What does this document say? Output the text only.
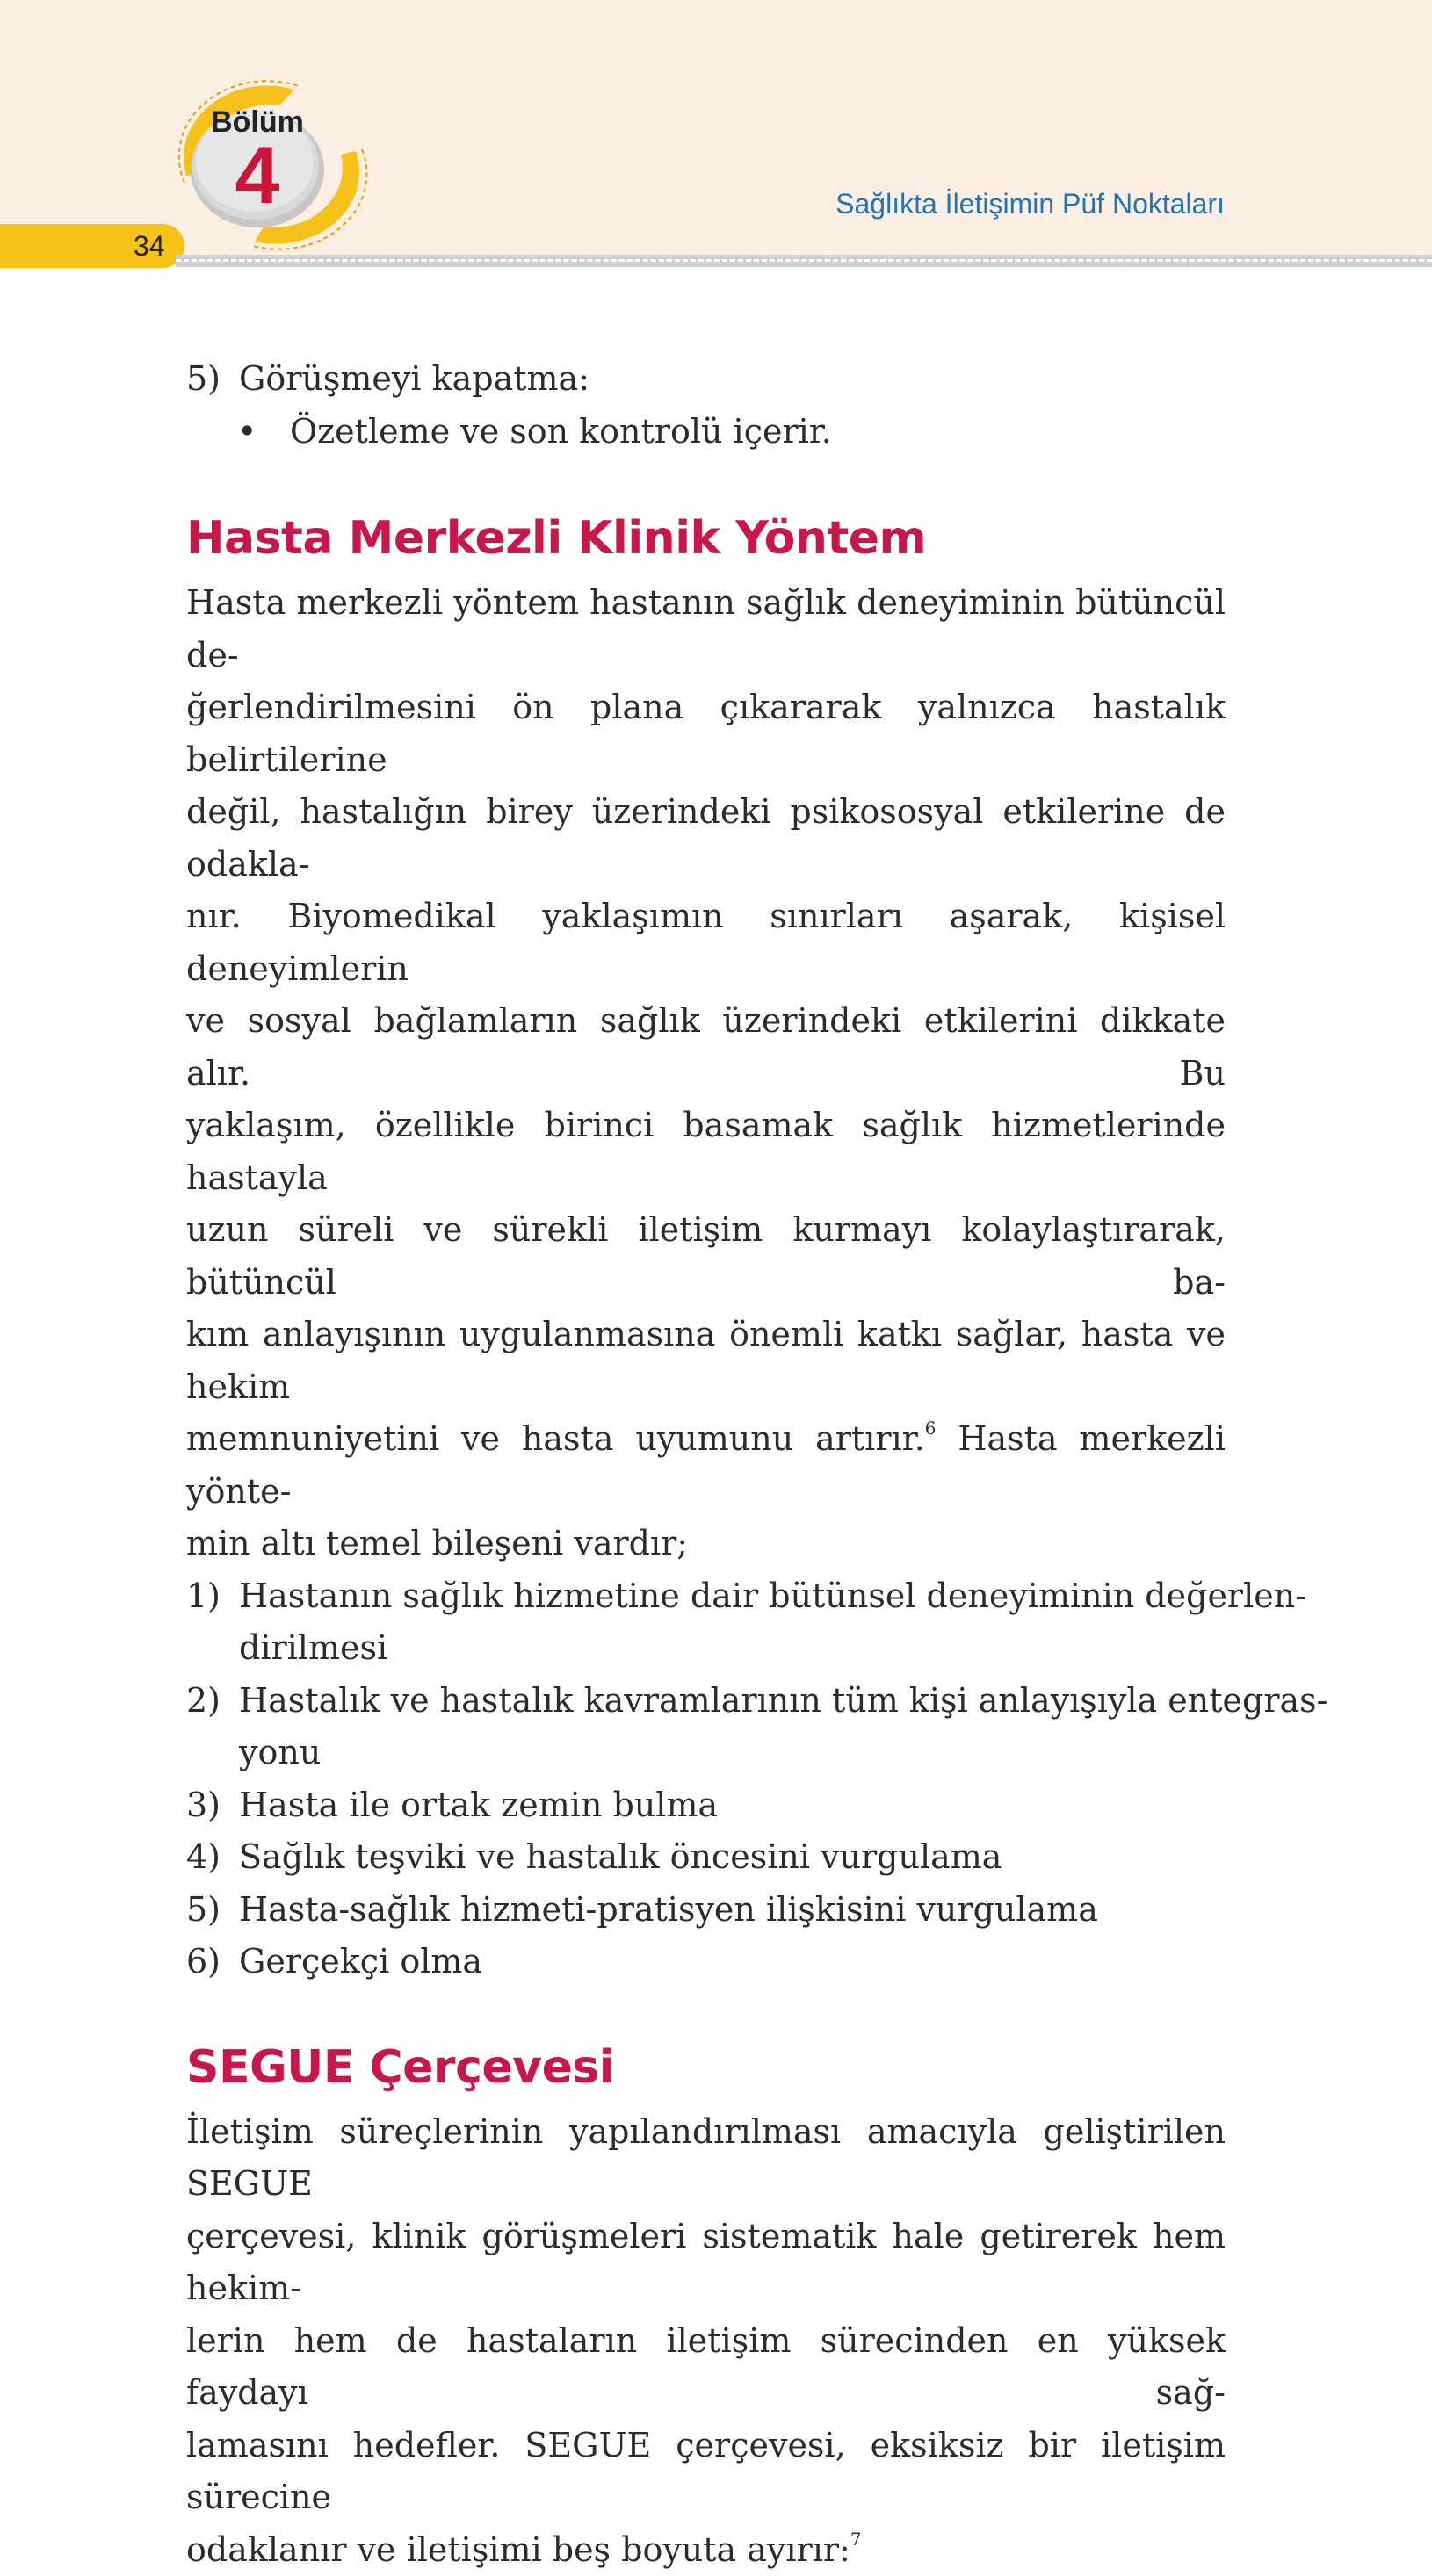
34
Bölüm
4	Sağlıkta İletişimin Püf Noktaları
5) Görüşmeyi kapatma:
• Özetleme ve son kontrolü içerir.
Hasta Merkezli Klinik Yöntem
Hasta merkezli yöntem hastanın sağlık deneyiminin bütüncül de-
ğerlendirilmesini ön plana çıkararak yalnızca hastalık belirtilerine
değil, hastalığın birey üzerindeki psikososyal etkilerine de odakla-
nır. Biyomedikal yaklaşımın sınırları aşarak, kişisel deneyimlerin
ve sosyal bağlamların sağlık üzerindeki etkilerini dikkate alır. Bu
yaklaşım, özellikle birinci basamak sağlık hizmetlerinde hastayla
uzun süreli ve sürekli iletişim kurmayı kolaylaştırarak, bütüncül ba-
kım anlayışının uygulanmasına önemli katkı sağlar, hasta ve hekim
memnuniyetini ve hasta uyumunu artırır.$^6$ Hasta merkezli yönte-
min altı temel bileşeni vardır;
1) Hastanın sağlık hizmetine dair bütünsel deneyiminin değerlen-
dirilmesi
2) Hastalık ve hastalık kavramlarının tüm kişi anlayışıyla entegras-
yonu
3) Hasta ile ortak zemin bulma
4) Sağlık teşviki ve hastalık öncesini vurgulama
5) Hasta-sağlık hizmeti-pratisyen ilişkisini vurgulama
6) Gerçekçi olma
SEGUE Çerçevesi
İletişim süreçlerinin yapılandırılması amacıyla geliştirilen SEGUE
çerçevesi, klinik görüşmeleri sistematik hale getirerek hem hekim-
lerin hem de hastaların iletişim sürecinden en yüksek faydayı sağ-
lamasını hedefler. SEGUE çerçevesi, eksiksiz bir iletişim sürecine
odaklanır ve iletişimi beş boyuta ayırır:$^7$
